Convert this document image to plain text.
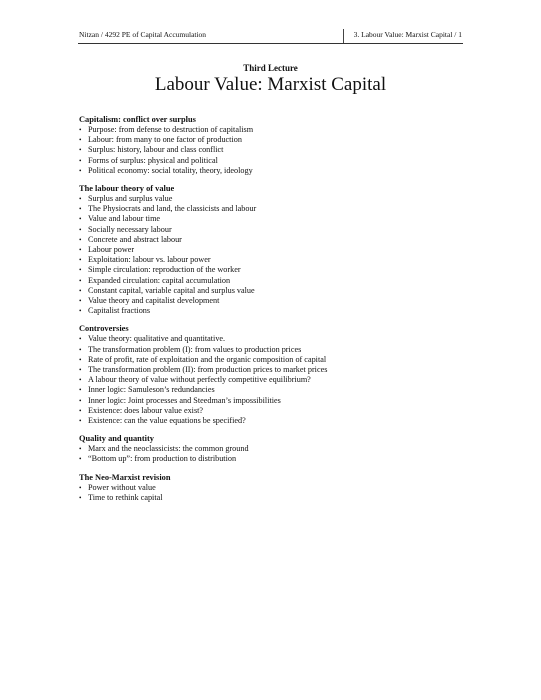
Nitzan / 4292 PE of Capital Accumulation	3. Labour Value: Marxist Capital / 1
Third Lecture
Labour Value: Marxist Capital
Capitalism: conflict over surplus
• Purpose: from defense to destruction of capitalism
• Labour: from many to one factor of production
• Surplus: history, labour and class conflict
• Forms of surplus: physical and political
• Political economy: social totality, theory, ideology
The labour theory of value
• Surplus and surplus value
• The Physiocrats and land, the classicists and labour
• Value and labour time
• Socially necessary labour
• Concrete and abstract labour
• Labour power
• Exploitation: labour vs. labour power
• Simple circulation: reproduction of the worker
• Expanded circulation: capital accumulation
• Constant capital, variable capital and surplus value
• Value theory and capitalist development
• Capitalist fractions
Controversies
• Value theory: qualitative and quantitative.
• The transformation problem (I): from values to production prices
• Rate of profit, rate of exploitation and the organic composition of capital
• The transformation problem (II): from production prices to market prices
• A labour theory of value without perfectly competitive equilibrium?
• Inner logic: Samuleson’s redundancies
• Inner logic: Joint processes and Steedman’s impossibilities
• Existence: does labour value exist?
• Existence: can the value equations be specified?
Quality and quantity
• Marx and the neoclassicists: the common ground
• “Bottom up”: from production to distribution
The Neo-Marxist revision
• Power without value
• Time to rethink capital
